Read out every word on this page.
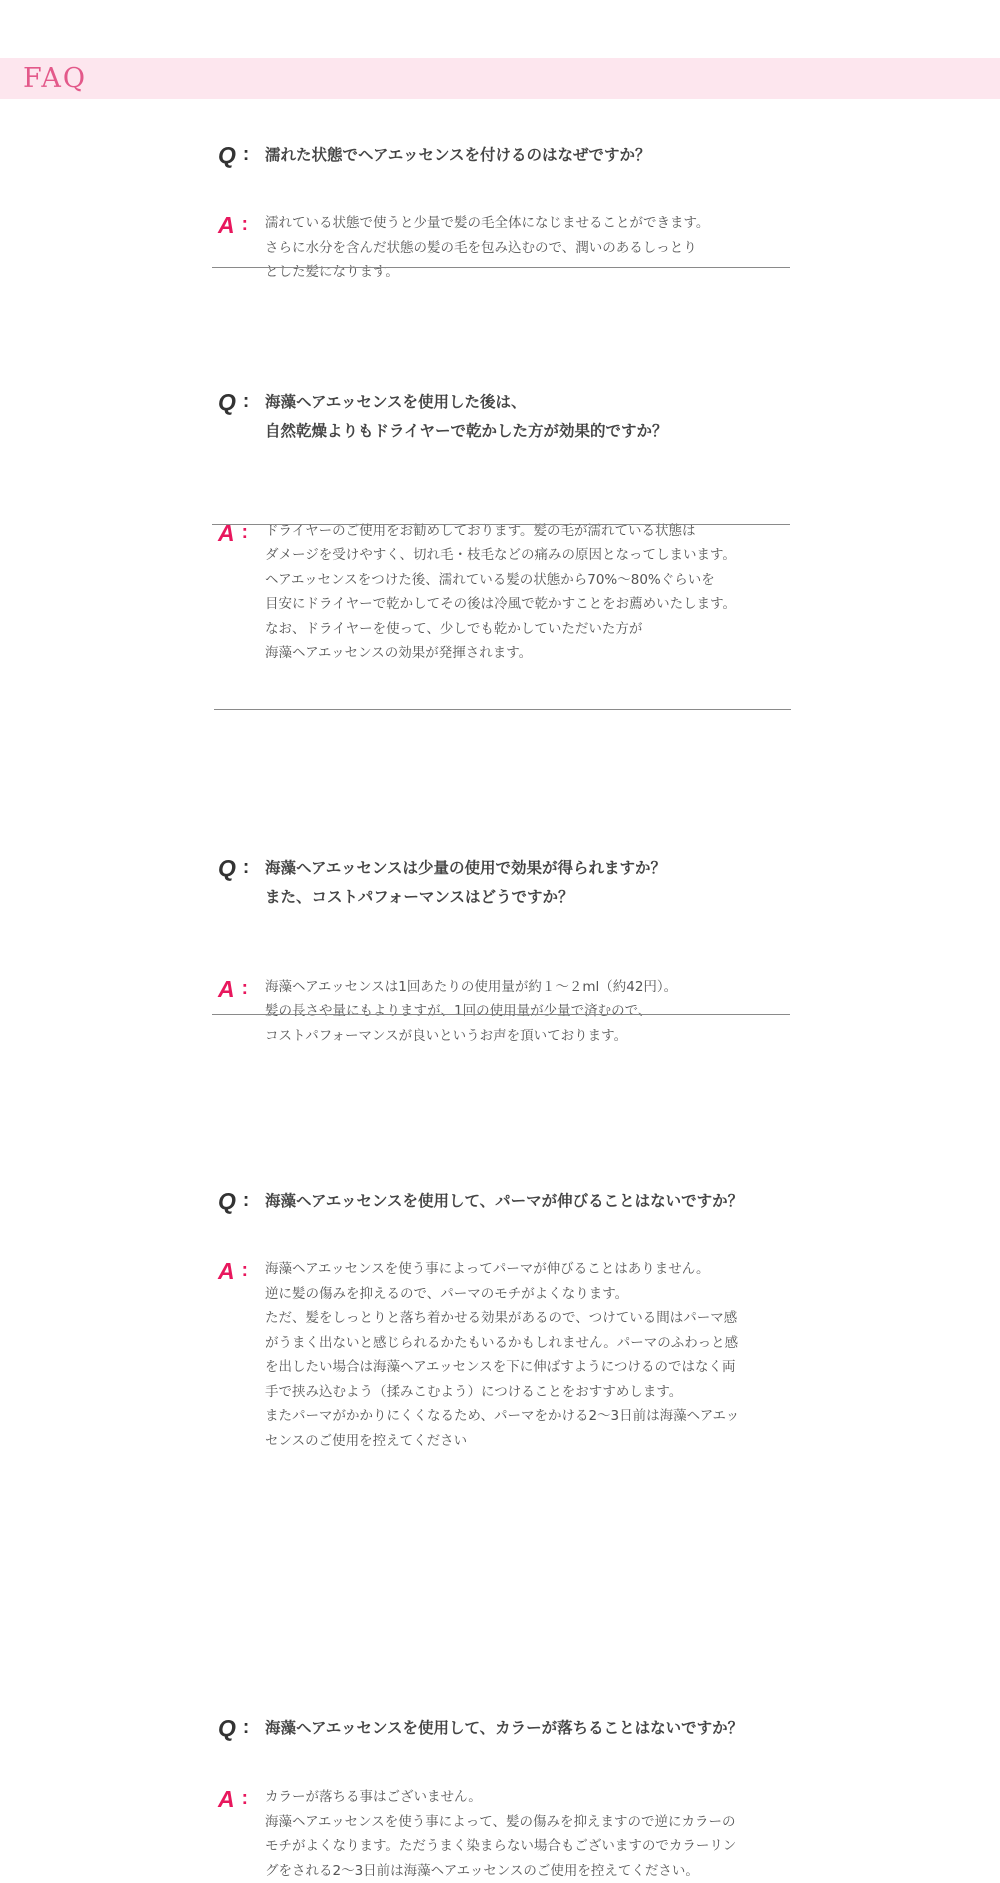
FAQ
Q : 濡れた状態でヘアエッセンスを付けるのはなぜですか？
A : 濡れている状態で使うと少量で髪の毛全体になじませることができます。
さらに水分を含んだ状態の髪の毛を包み込むので、潤いのあるしっとり
とした髪になります。
Q : 海藻ヘアエッセンスを使用した後は、
自然乾燥よりもドライヤーで乾かした方が効果的ですか？
A : ドライヤーのご使用をお勧めしております。髪の毛が濡れている状態は
ダメージを受けやすく、切れ毛・枝毛などの痛みの原因となってしまいます。
ヘアエッセンスをつけた後、濡れている髪の状態から70%～80%ぐらいを
目安にドライヤーで乾かしてその後は冷風で乾かすことをお薦めいたします。
なお、ドライヤーを使って、少しでも乾かしていただいた方が
海藻ヘアエッセンスの効果が発揮されます。
Q : 海藻ヘアエッセンスは少量の使用で効果が得られますか？
また、コストパフォーマンスはどうですか？
A : 海藻ヘアエッセンスは1回あたりの使用量が約１～２ml（約42円）。
髪の長さや量にもよりますが、1回の使用量が少量で済むので、
コストパフォーマンスが良いというお声を頂いております。
Q : 海藻ヘアエッセンスを使用して、パーマが伸びることはないですか？
A : 海藻ヘアエッセンスを使う事によってパーマが伸びることはありません。
逆に髪の傷みを抑えるので、パーマのモチがよくなります。
ただ、髪をしっとりと落ち着かせる効果があるので、つけている間はパーマ感
がうまく出ないと感じられるかたもいるかもしれません。パーマのふわっと感
を出したい場合は海藻ヘアエッセンスを下に伸ばすようにつけるのではなく両
手で挟み込むよう（揉みこむよう）につけることをおすすめします。
またパーマがかかりにくくなるため、パーマをかける2～3日前は海藻ヘアエッ
センスのご使用を控えてください
Q : 海藻ヘアエッセンスを使用して、カラーが落ちることはないですか？
A : カラーが落ちる事はございません。
海藻ヘアエッセンスを使う事によって、髪の傷みを抑えますので逆にカラーの
モチがよくなります。ただうまく染まらない場合もございますのでカラーリン
グをされる2～3日前は海藻ヘアエッセンスのご使用を控えてください。
